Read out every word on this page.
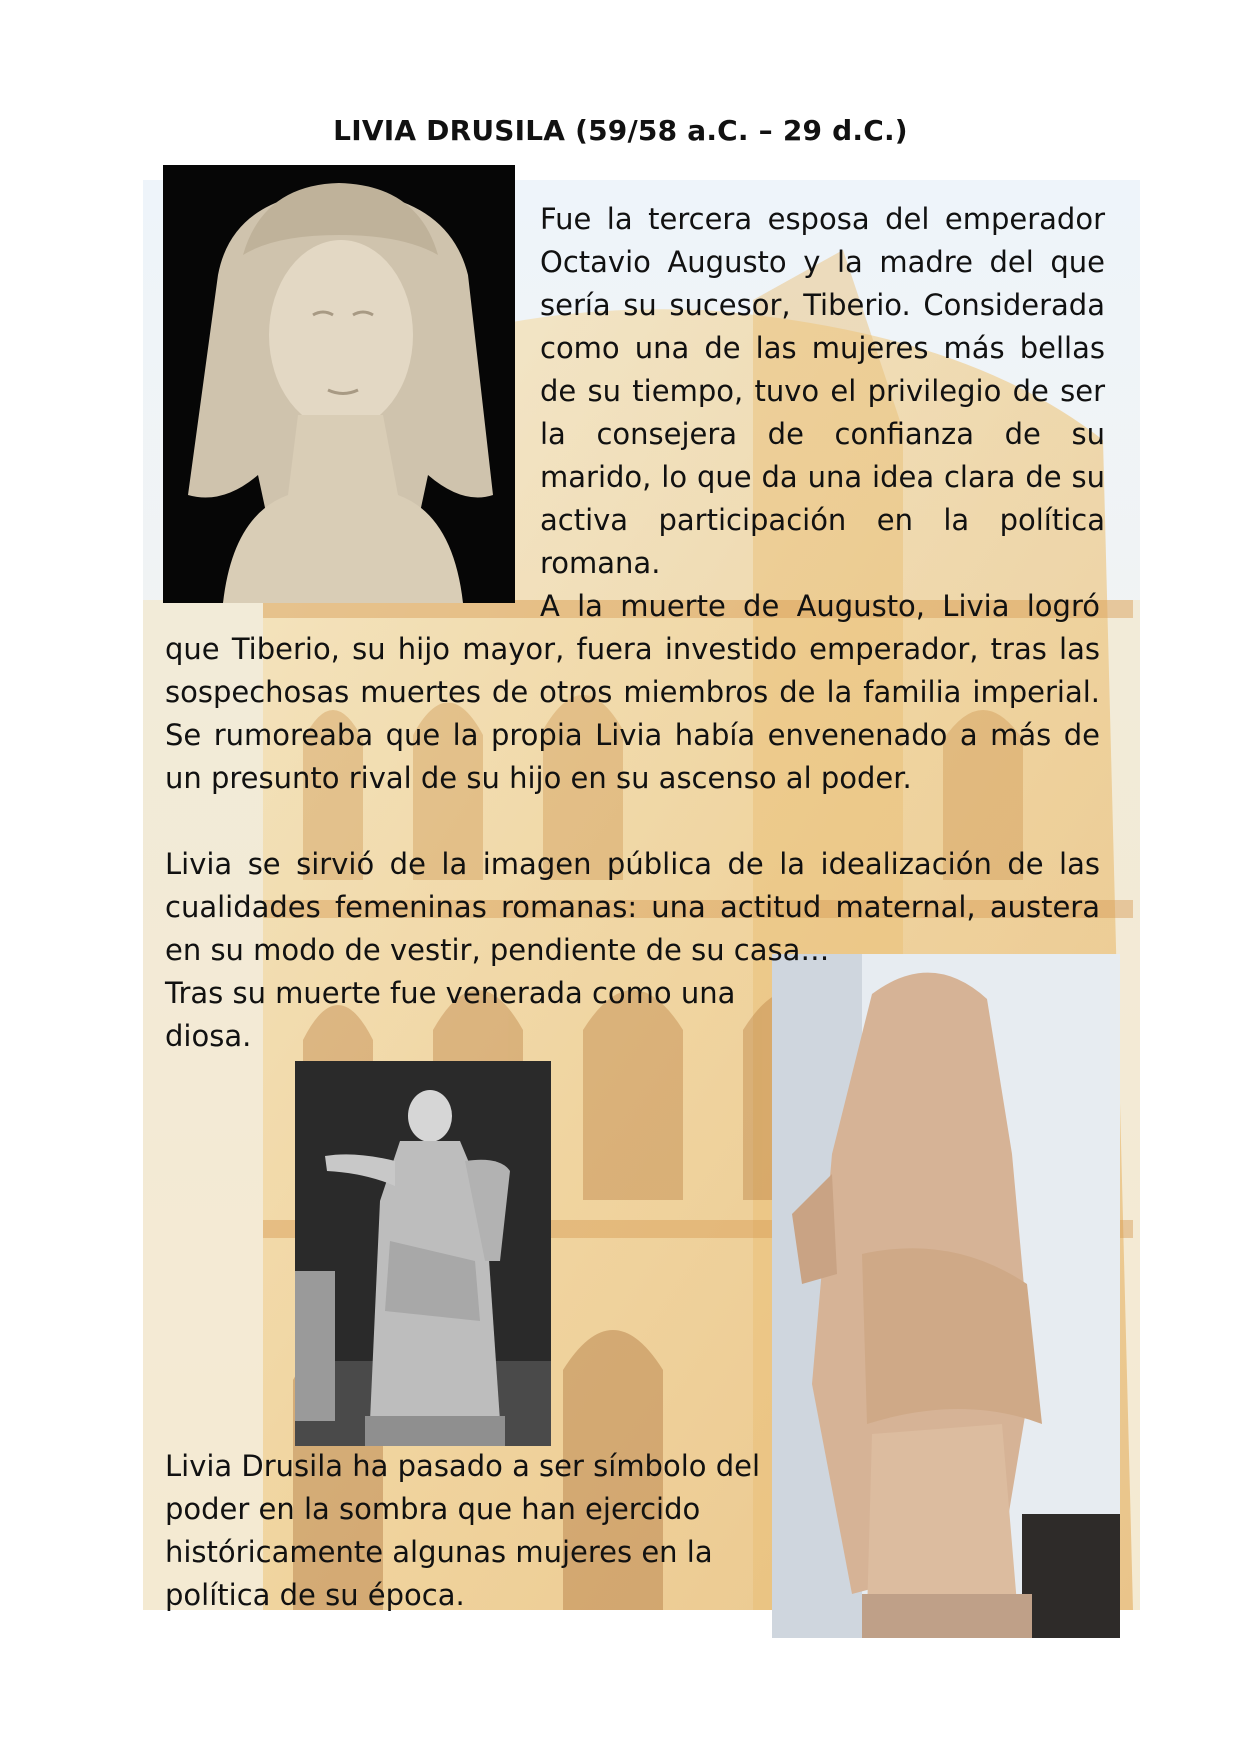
LIVIA DRUSILA (59/58 a.C. – 29 d.C.)
Fue la tercera esposa del emperador Octavio Augusto y la madre del que sería su sucesor, Tiberio. Considerada como una de las mujeres más bellas de su tiempo, tuvo el privilegio de ser la consejera de confianza de su marido, lo que da una idea clara de su activa participación en la política romana.
A la muerte de Augusto, Livia logró
que Tiberio, su hijo mayor, fuera investido emperador, tras las sospechosas muertes de otros miembros de la familia imperial. Se rumoreaba que la propia Livia había envenenado a más de un presunto rival de su hijo en su ascenso al poder.
Livia se sirvió de la imagen pública de la idealización de las cualidades femeninas romanas: una actitud maternal, austera en su modo de vestir, pendiente de su casa…
Tras su muerte fue venerada como una diosa.
Livia Drusila ha pasado a ser símbolo del poder en la sombra que han ejercido históricamente algunas mujeres en la política de su época.
